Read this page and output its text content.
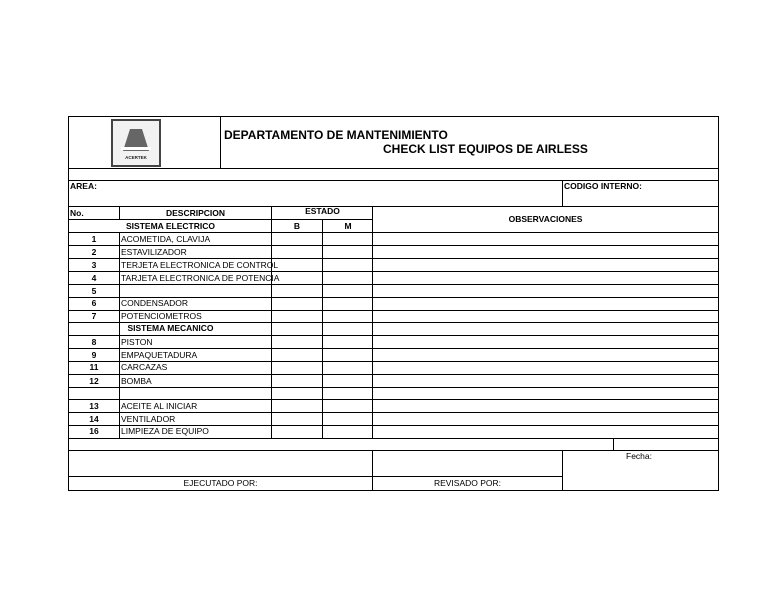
ACERTEK
DEPARTAMENTO DE MANTENIMIENTO
CHECK LIST EQUIPOS DE AIRLESS
AREA:	CODIGO INTERNO:
No.	DESCRIPCION	ESTADO
OBSERVACIONES
SISTEMA ELECTRICO	B	M
1	ACOMETIDA, CLAVIJA
2	ESTAVILIZADOR
3	TERJETA ELECTRONICA DE CONTROL
4	TARJETA ELECTRONICA DE POTENCIA
5
6	CONDENSADOR
7	POTENCIOMETROS
SISTEMA MECANICO
8	PISTON
9	EMPAQUETADURA
11	CARCAZAS
12	BOMBA
13	ACEITE AL INICIAR
14	VENTILADOR
16	LIMPIEZA DE EQUIPO
Fecha:
EJECUTADO POR:	REVISADO POR:
